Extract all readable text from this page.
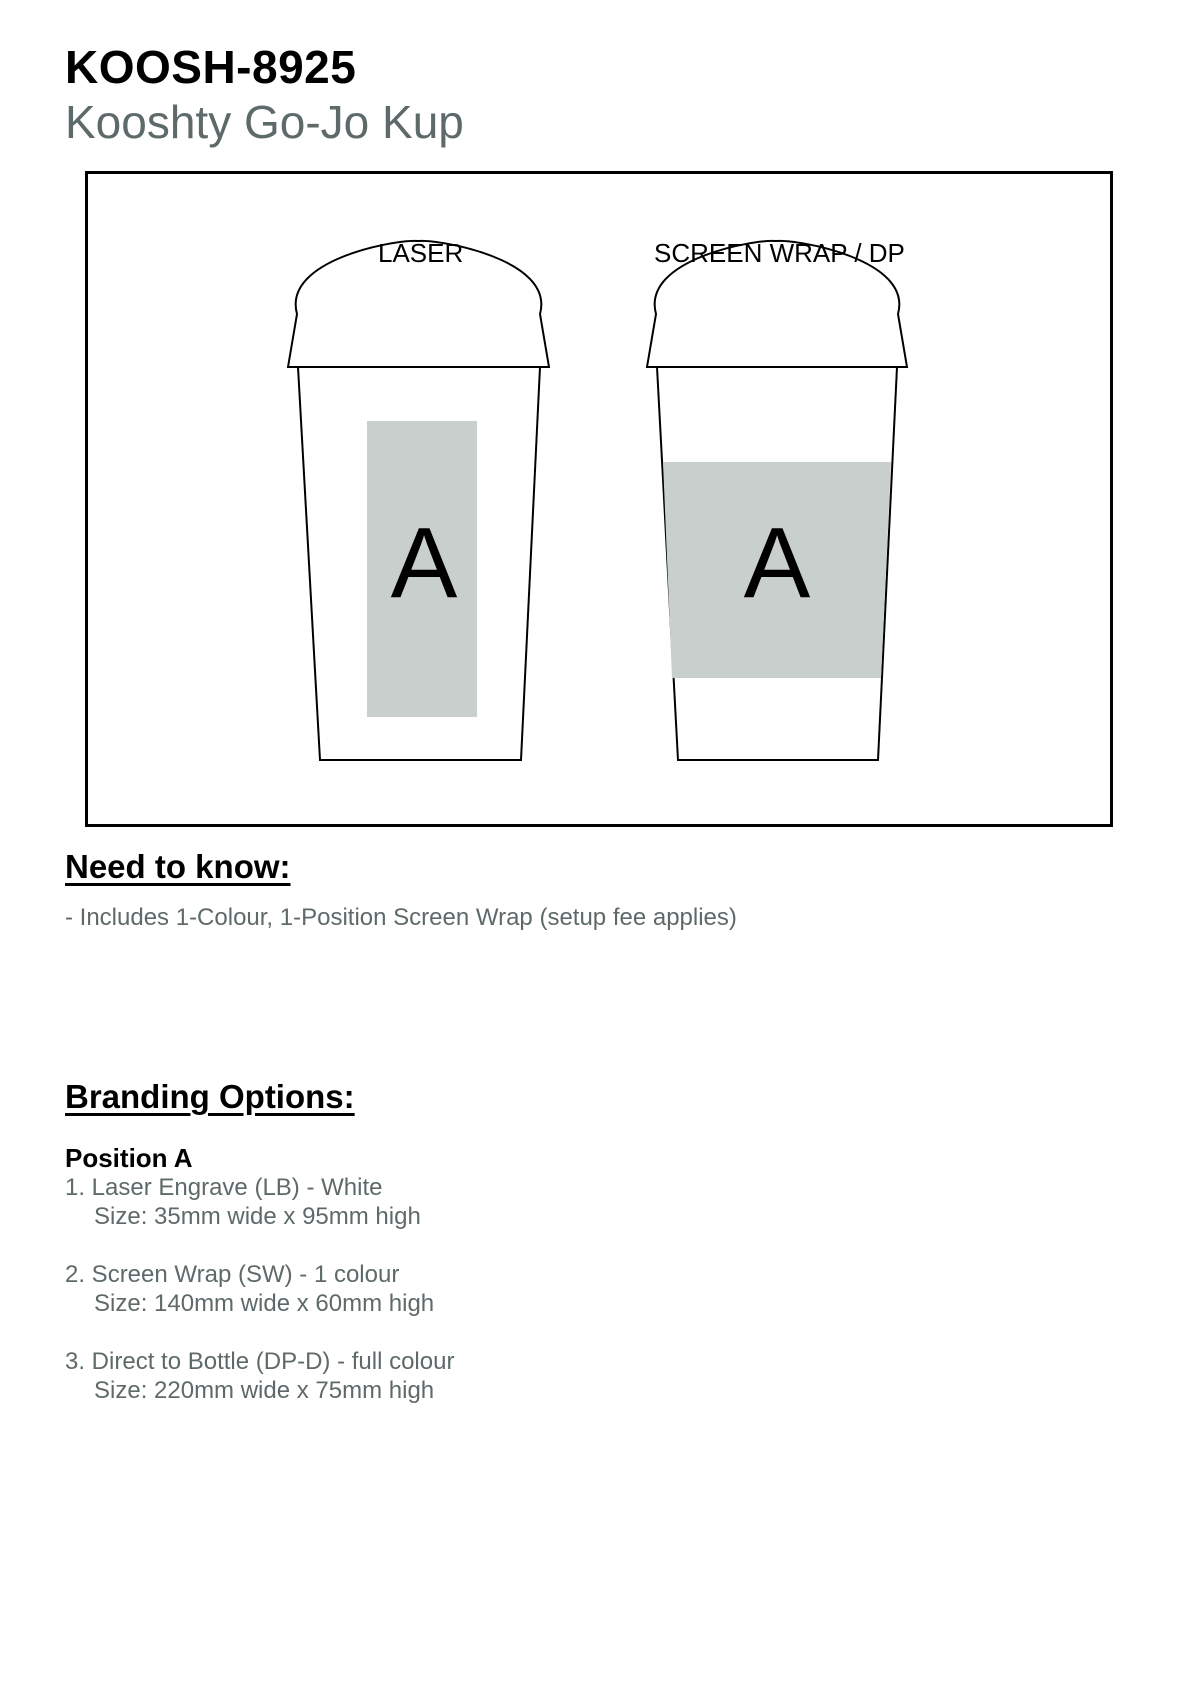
KOOSH-8925
Kooshty Go-Jo Kup
LASER	SCREEN WRAP / DP
A	A
Need to know:
- Includes 1-Colour, 1-Position Screen Wrap (setup fee applies)
Branding Options:
Position A
1. Laser Engrave (LB) - White
Size: 35mm wide x 95mm high
2. Screen Wrap (SW) - 1 colour
Size: 140mm wide x 60mm high
3. Direct to Bottle (DP-D) - full colour
Size: 220mm wide x 75mm high
